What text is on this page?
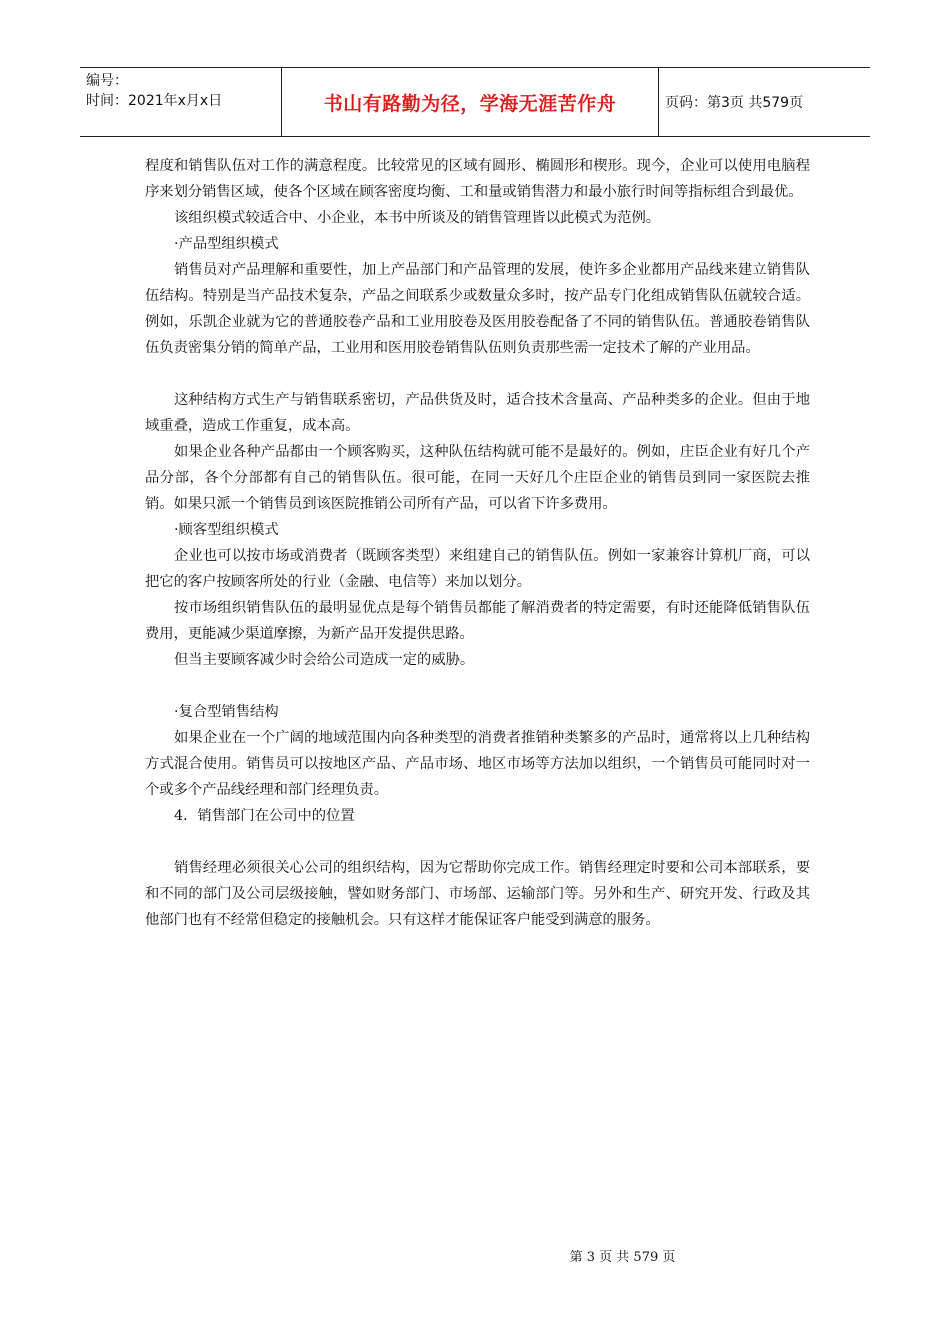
编号：
时间：2021年x月x日	书山有路勤为径，学海无涯苦作舟	页码：第3页 共579页

程度和销售队伍对工作的满意程度。比较常见的区域有圆形、椭圆形和楔形。现今，企业可以使用电脑程序来划分销售区域，使各个区域在顾客密度均衡、工和量或销售潜力和最小旅行时间等指标组合到最优。

该组织模式较适合中、小企业，本书中所谈及的销售管理皆以此模式为范例。

·产品型组织模式

销售员对产品理解和重要性，加上产品部门和产品管理的发展，使许多企业都用产品线来建立销售队伍结构。特别是当产品技术复杂，产品之间联系少或数量众多时，按产品专门化组成销售队伍就较合适。例如，乐凯企业就为它的普通胶卷产品和工业用胶卷及医用胶卷配备了不同的销售队伍。普通胶卷销售队伍负责密集分销的简单产品，工业用和医用胶卷销售队伍则负责那些需一定技术了解的产业用品。

这种结构方式生产与销售联系密切，产品供货及时，适合技术含量高、产品种类多的企业。但由于地域重叠，造成工作重复，成本高。

如果企业各种产品都由一个顾客购买，这种队伍结构就可能不是最好的。例如，庄臣企业有好几个产品分部，各个分部都有自己的销售队伍。很可能，在同一天好几个庄臣企业的销售员到同一家医院去推销。如果只派一个销售员到该医院推销公司所有产品，可以省下许多费用。

·顾客型组织模式

企业也可以按市场或消费者（既顾客类型）来组建自己的销售队伍。例如一家兼容计算机厂商，可以把它的客户按顾客所处的行业（金融、电信等）来加以划分。

按市场组织销售队伍的最明显优点是每个销售员都能了解消费者的特定需要，有时还能降低销售队伍费用，更能减少渠道摩擦，为新产品开发提供思路。

但当主要顾客减少时会给公司造成一定的威胁。

·复合型销售结构

如果企业在一个广阔的地域范围内向各种类型的消费者推销种类繁多的产品时，通常将以上几种结构方式混合使用。销售员可以按地区产品、产品市场、地区市场等方法加以组织，一个销售员可能同时对一个或多个产品线经理和部门经理负责。

4．销售部门在公司中的位置

销售经理必须很关心公司的组织结构，因为它帮助你完成工作。销售经理定时要和公司本部联系，要和不同的部门及公司层级接触，譬如财务部门、市场部、运输部门等。另外和生产、研究开发、行政及其他部门也有不经常但稳定的接触机会。只有这样才能保证客户能受到满意的服务。

第 3 页 共 579 页
